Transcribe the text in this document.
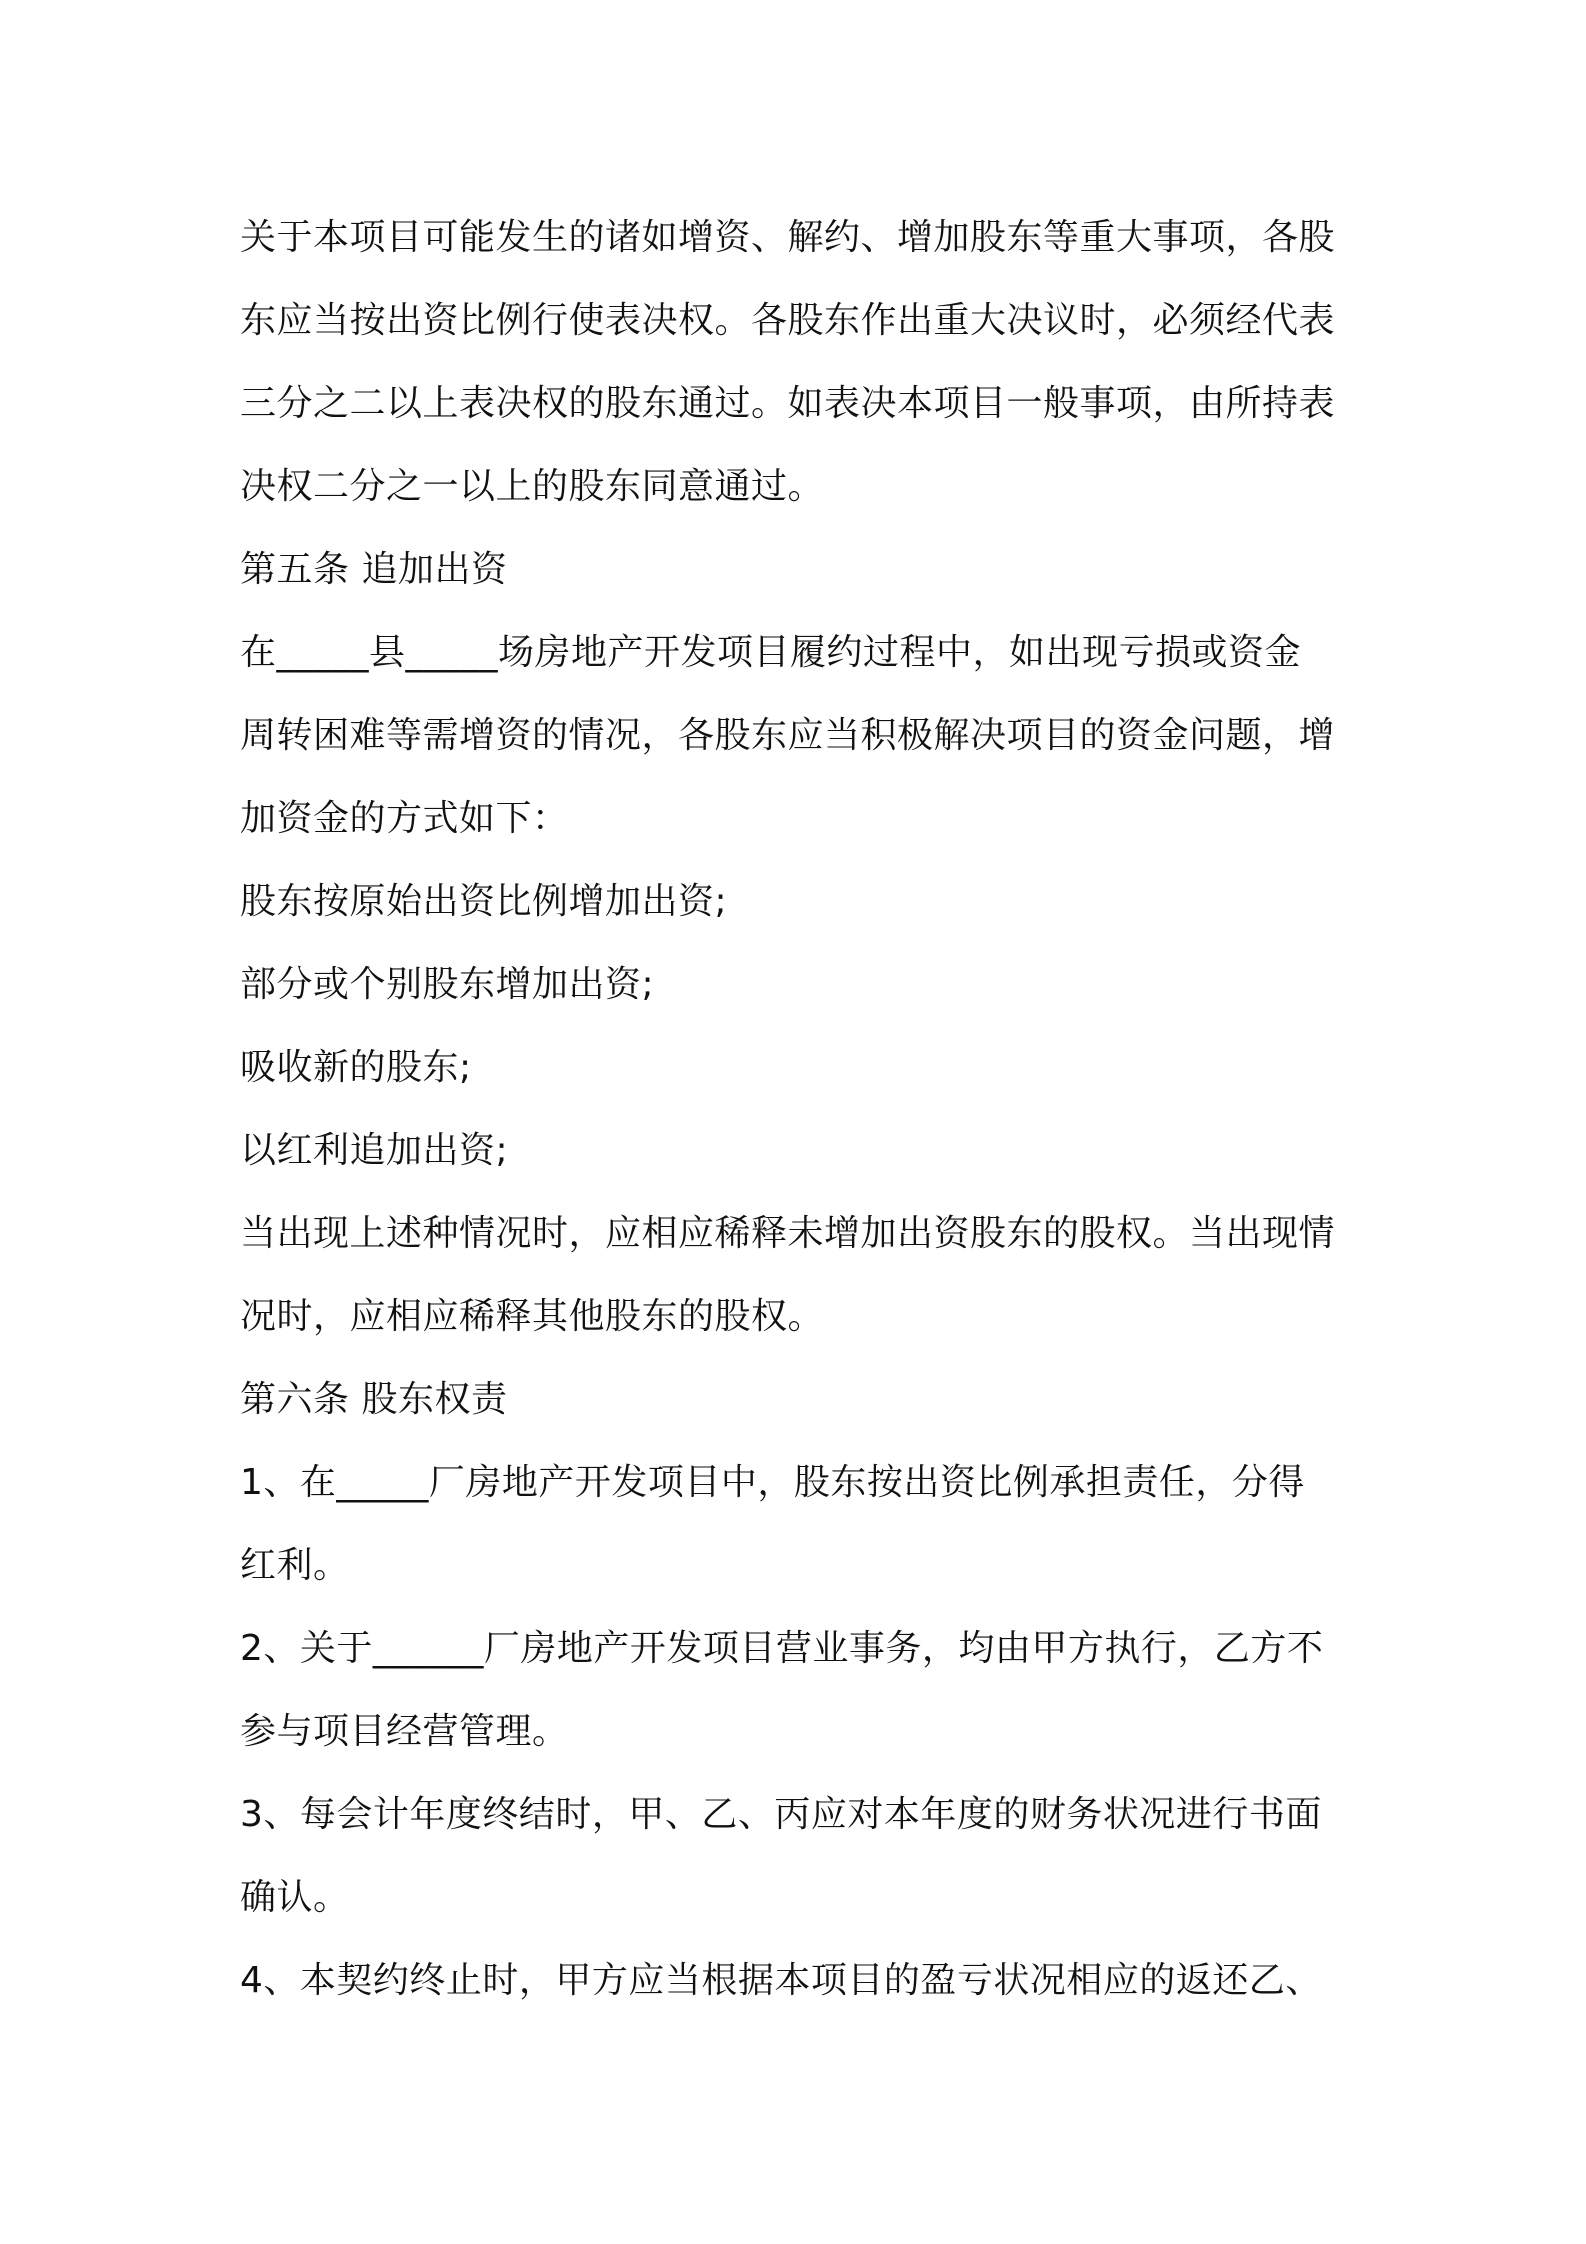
关于本项目可能发生的诸如增资、解约、增加股东等重大事项，各股
东应当按出资比例行使表决权。各股东作出重大决议时，必须经代表
三分之二以上表决权的股东通过。如表决本项目一般事项，由所持表
决权二分之一以上的股东同意通过。
第五条 追加出资
在_____县_____场房地产开发项目履约过程中，如出现亏损或资金
周转困难等需增资的情况，各股东应当积极解决项目的资金问题，增
加资金的方式如下：
股东按原始出资比例增加出资;
部分或个别股东增加出资;
吸收新的股东;
以红利追加出资;
当出现上述种情况时，应相应稀释未增加出资股东的股权。当出现情
况时，应相应稀释其他股东的股权。
第六条 股东权责
1、在_____厂房地产开发项目中，股东按出资比例承担责任，分得
红利。
2、关于______厂房地产开发项目营业事务，均由甲方执行，乙方不
参与项目经营管理。
3、每会计年度终结时，甲、乙、丙应对本年度的财务状况进行书面
确认。
4、本契约终止时，甲方应当根据本项目的盈亏状况相应的返还乙、
